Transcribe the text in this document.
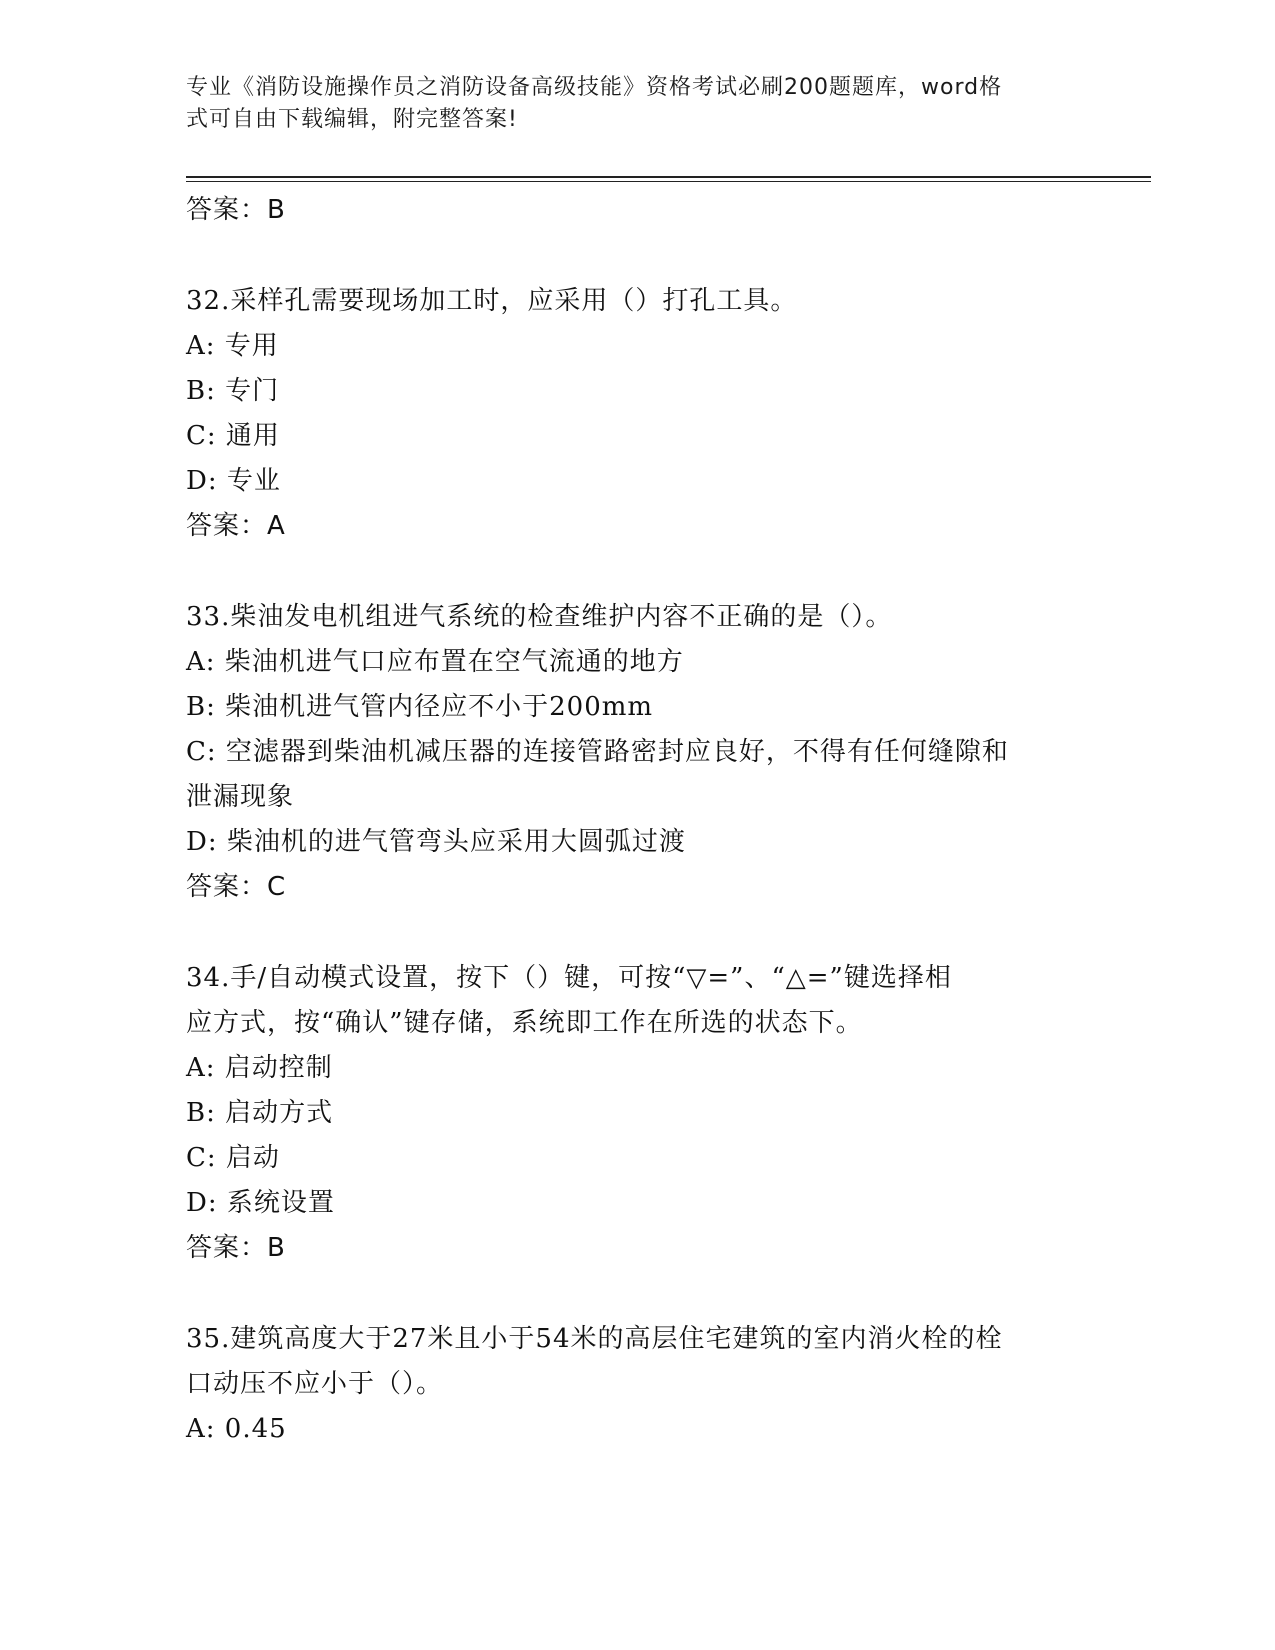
专业《消防设施操作员之消防设备高级技能》资格考试必刷200题题库，word格
式可自由下载编辑，附完整答案!
答案：B
32.采样孔需要现场加工时，应采用（）打孔工具。
A: 专用
B: 专门
C: 通用
D: 专业
答案：A
33.柴油发电机组进气系统的检查维护内容不正确的是（）。
A: 柴油机进气口应布置在空气流通的地方
B: 柴油机进气管内径应不小于200mm
C: 空滤器到柴油机减压器的连接管路密封应良好，不得有任何缝隙和
泄漏现象
D: 柴油机的进气管弯头应采用大圆弧过渡
答案：C
34.手/自动模式设置，按下（）键，可按“▽=”、“△=”键选择相
应方式，按“确认”键存储，系统即工作在所选的状态下。
A: 启动控制
B: 启动方式
C: 启动
D: 系统设置
答案：B
35.建筑高度大于27米且小于54米的高层住宅建筑的室内消火栓的栓
口动压不应小于（）。
A: 0.45
